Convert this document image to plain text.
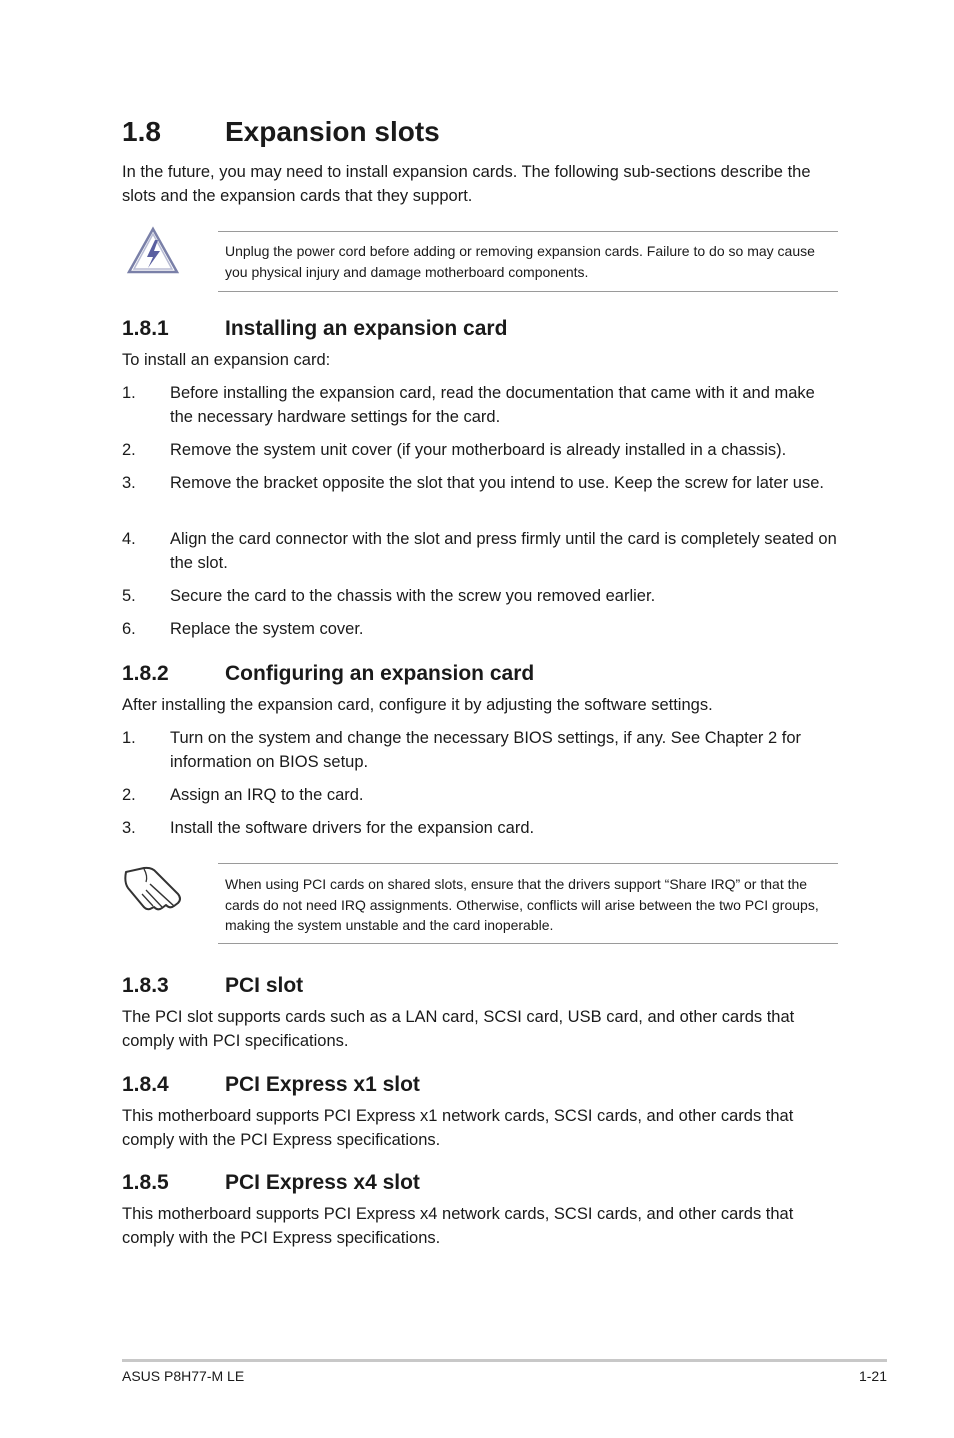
1.8 Expansion slots
In the future, you may need to install expansion cards. The following sub-sections describe the slots and the expansion cards that they support.
Unplug the power cord before adding or removing expansion cards. Failure to do so may cause you physical injury and damage motherboard components.
1.8.1	Installing an expansion card
To install an expansion card:
1. Before installing the expansion card, read the documentation that came with it and make the necessary hardware settings for the card.
2. Remove the system unit cover (if your motherboard is already installed in a chassis).
3. Remove the bracket opposite the slot that you intend to use. Keep the screw for later use.
4. Align the card connector with the slot and press firmly until the card is completely seated on the slot.
5. Secure the card to the chassis with the screw you removed earlier.
6. Replace the system cover.
1.8.2	Configuring an expansion card
After installing the expansion card, configure it by adjusting the software settings.
1. Turn on the system and change the necessary BIOS settings, if any. See Chapter 2 for information on BIOS setup.
2. Assign an IRQ to the card.
3. Install the software drivers for the expansion card.
When using PCI cards on shared slots, ensure that the drivers support “Share IRQ” or that the cards do not need IRQ assignments. Otherwise, conflicts will arise between the two PCI groups, making the system unstable and the card inoperable.
1.8.3	PCI slot
The PCI slot supports cards such as a LAN card, SCSI card, USB card, and other cards that comply with PCI specifications.
1.8.4	PCI Express x1 slot
This motherboard supports PCI Express x1 network cards, SCSI cards, and other cards that comply with the PCI Express specifications.
1.8.5	PCI Express x4 slot
This motherboard supports PCI Express x4 network cards, SCSI cards, and other cards that comply with the PCI Express specifications.
ASUS P8H77-M LE	1-21
